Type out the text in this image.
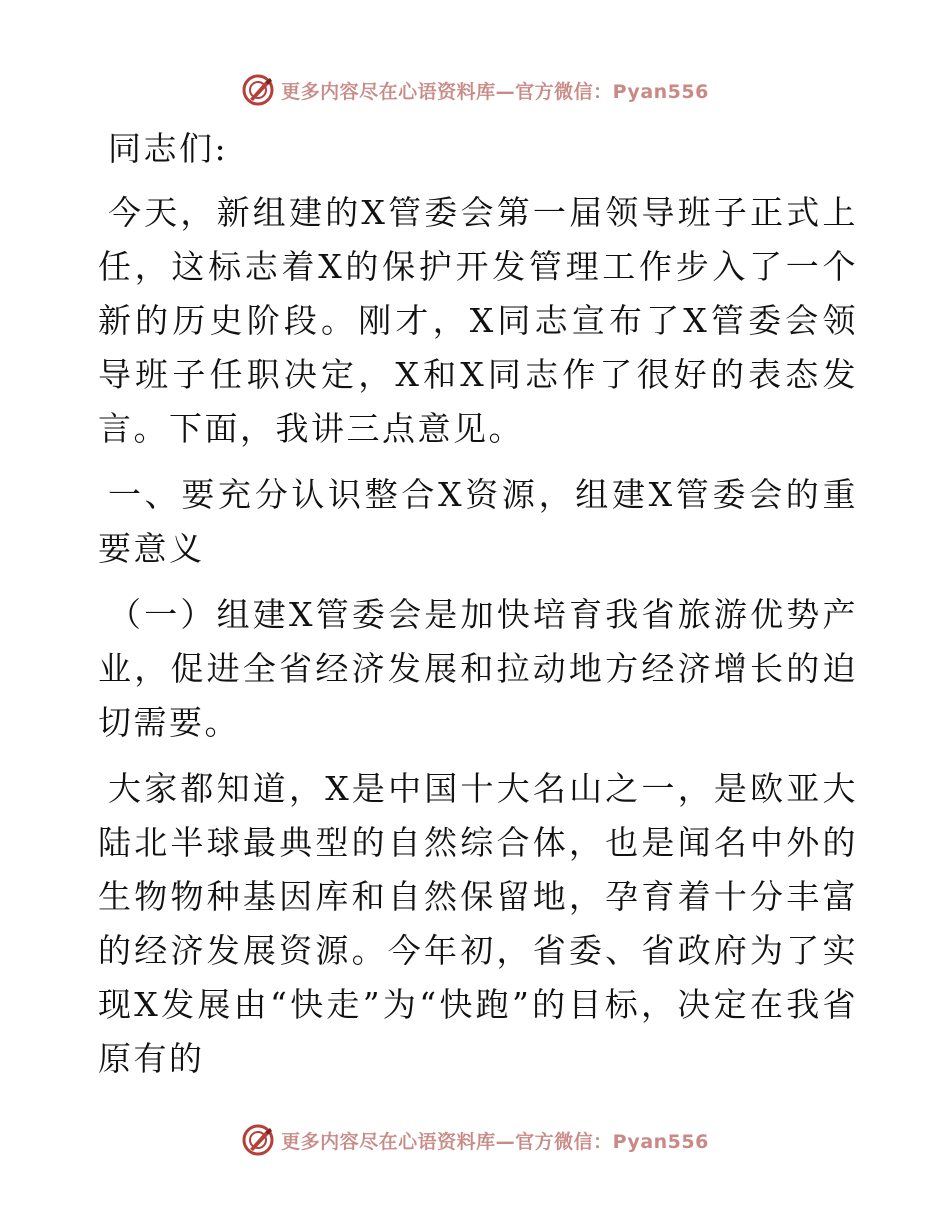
更多内容尽在心语资料库—官方微信：Pyan556

同志们:

今天，新组建的X管委会第一届领导班子正式上任，这标志着X的保护开发管理工作步入了一个新的历史阶段。刚才，X同志宣布了X管委会领导班子任职决定，X和X同志作了很好的表态发言。下面，我讲三点意见。

一、要充分认识整合X资源，组建X管委会的重要意义

（一）组建X管委会是加快培育我省旅游优势产业，促进全省经济发展和拉动地方经济增长的迫切需要。

大家都知道，X是中国十大名山之一，是欧亚大陆北半球最典型的自然综合体，也是闻名中外的生物物种基因库和自然保留地，孕育着十分丰富的经济发展资源。今年初，省委、省政府为了实现X发展由“快走”为“快跑”的目标，决定在我省原有的

更多内容尽在心语资料库—官方微信：Pyan556
